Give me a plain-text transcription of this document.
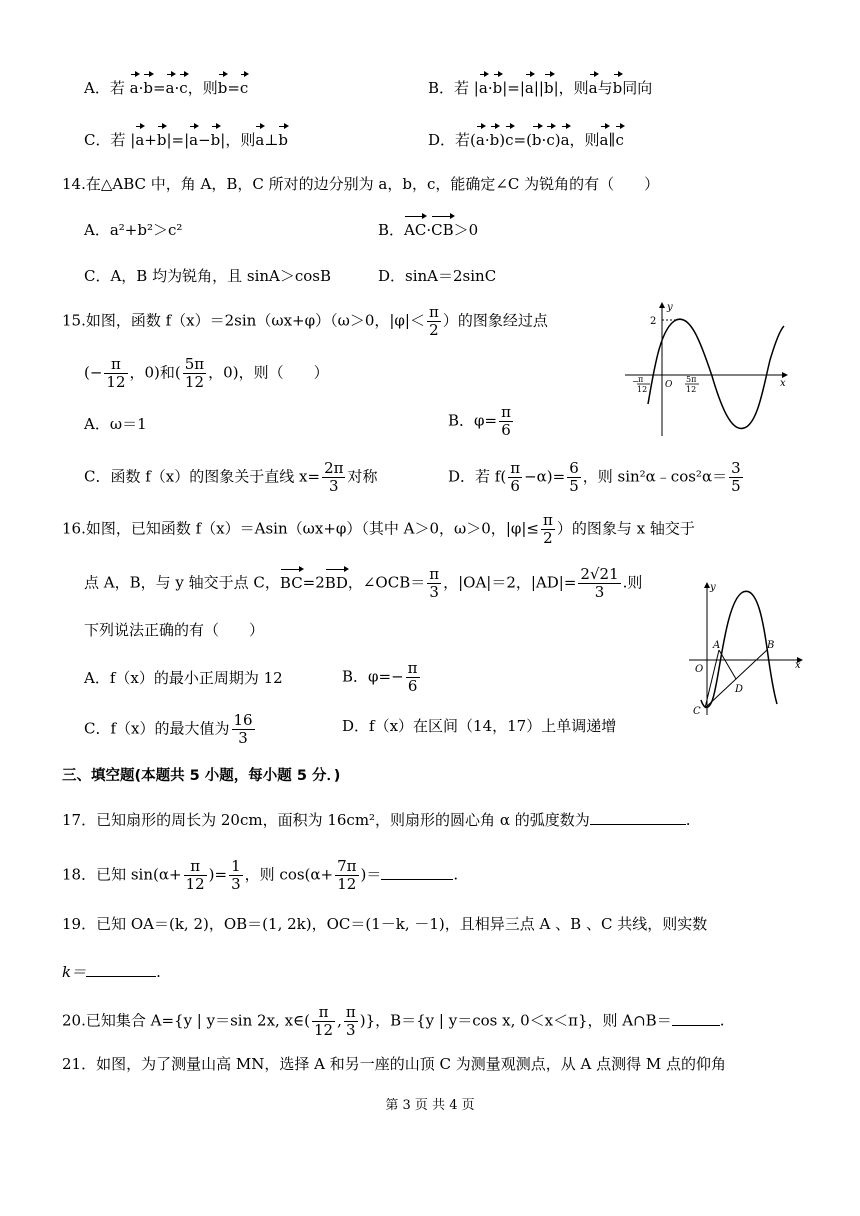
A．若 a·b=a·c，则b=c	B．若 |a·b|=|a||b|，则a与b同向
C．若 |a+b|=|a−b|，则a⊥b	D．若(a·b)c=(b·c)a，则a∥c
14.在△ABC 中，角 A，B，C 所对的边分别为 a，b，c，能确定∠C 为锐角的有（　　）
A．a²+b²＞c²	B．AC·CB＞0
C．A，B 均为锐角，且 sinA＞cosB	D．sinA＝2sinC
15.如图，函数 f（x）＝2sin（ωx+φ）（ω＞0，$|\varphi|< \frac{\pi}{2}$ ）的图象经过点
(− $\frac{\pi}{12}$ ，0)和( $\frac{5\pi}{12}$ ，0)，则（　　）
A．ω＝1	B．$\varphi= \frac{\pi}{6}$
C．函数 f（x）的图象关于直线 $x= \frac{2\pi}{3}$ 对称	D．若 $f( \frac{\pi}{6} -\alpha)= \frac{6}{5}$ ，则 sin²α﹣cos²α＝ $\frac{3}{5}$
2
y
x
O
− π
12
5π
12
16.如图，已知函数 f（x）＝Asin（ωx+φ）（其中 A＞0，ω＞0，$|\varphi|\le \frac{\pi}{2}$ ）的图象与 x 轴交于
点 A，B，与 y 轴交于点 C，BC=2BD，∠OCB＝ $\frac{\pi}{3}$ ，|OA|＝2，$|AD|= \frac{2√21}{3}$ .则
下列说法正确的有（　　）
A．f（x）的最小正周期为 12	B．$\varphi=- \frac{\pi}{6}$
C．f（x）的最大值为 $\frac{16}{3}$	D．f（x）在区间（14，17）上单调递增
y
x
O
A	B
C
D
三、填空题(本题共 5 小题，每小题 5 分．)
17．已知扇形的周长为 20cm，面积为 16cm²，则扇形的圆心角 α 的弧度数为	.
18．已知 $\sin(\alpha+ \frac{\pi}{12}$ )= $\frac{1}{3}$ ，则 $\cos(\alpha+ \frac{7\pi}{12}$ )＝	.
19．已知 OA＝(k, 2)，OB＝(1, 2k)，OC＝(1－k, －1)，且相异三点 A 、B 、C 共线，则实数
k＝	.
20.已知集合 A={y | y＝sin 2x, x∈( $\frac{\pi}{12}$ , $\frac{\pi}{3}$ )}，B＝{y | y＝cos x, 0＜x＜π}，则 A∩B＝	.
21．如图，为了测量山高 MN，选择 A 和另一座的山顶 C 为测量观测点，从 A 点测得 M 点的仰角
第 3 页 共 4 页
